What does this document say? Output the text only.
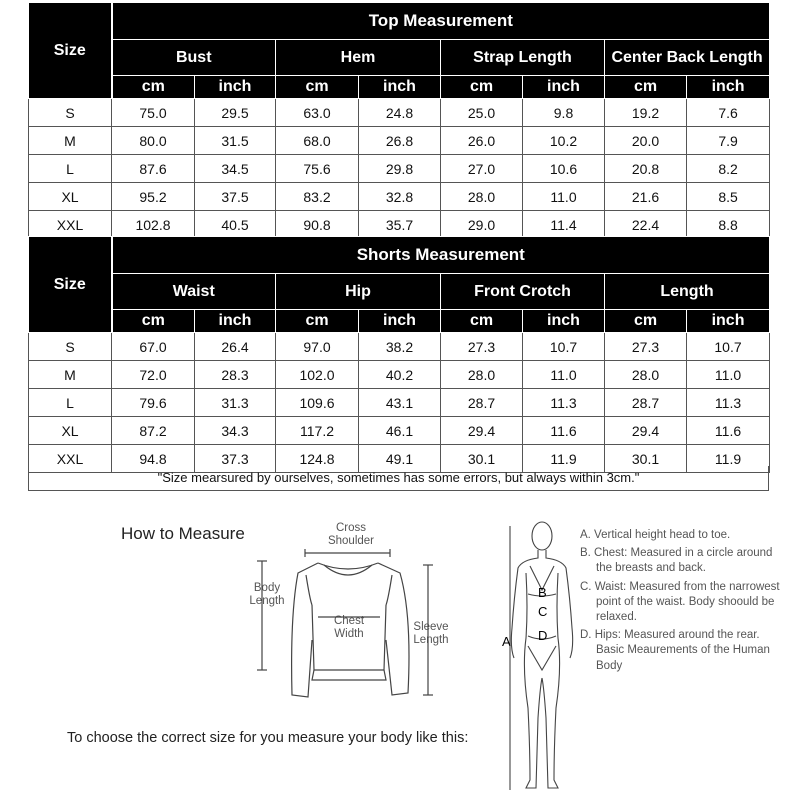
Size	Top Measurement							
	Bust		Hem		Strap Length		Center Back Length	
	cm	inch	cm	inch	cm	inch	cm	inch
S	75.0	29.5	63.0	24.8	25.0	9.8	19.2	7.6
M	80.0	31.5	68.0	26.8	26.0	10.2	20.0	7.9
L	87.6	34.5	75.6	29.8	27.0	10.6	20.8	8.2
XL	95.2	37.5	83.2	32.8	28.0	11.0	21.6	8.5
XXL	102.8	40.5	90.8	35.7	29.0	11.4	22.4	8.8
Size	Shorts Measurement							
	Waist		Hip		Front Crotch		Length	
	cm	inch	cm	inch	cm	inch	cm	inch
S	67.0	26.4	97.0	38.2	27.3	10.7	27.3	10.7
M	72.0	28.3	102.0	40.2	28.0	11.0	28.0	11.0
L	79.6	31.3	109.6	43.1	28.7	11.3	28.7	11.3
XL	87.2	34.3	117.2	46.1	29.4	11.6	29.4	11.6
XXL	94.8	37.3	124.8	49.1	30.1	11.9	30.1	11.9
"Size mearsured by ourselves, sometimes has some errors, but always within 3cm."
How to Measure	Cross
Shoulder
Body
Length
Chest
Width
Sleeve
Length
To choose the correct size for you measure your body like this:
A
B
C
D
A. Vertical height head to toe.
B. Chest: Measured in a circle around the breasts and back.
C. Waist: Measured from the narrowest point of the waist. Body shoould be relaxed.
D. Hips: Measured around the rear. Basic Meaurements of the Human Body
